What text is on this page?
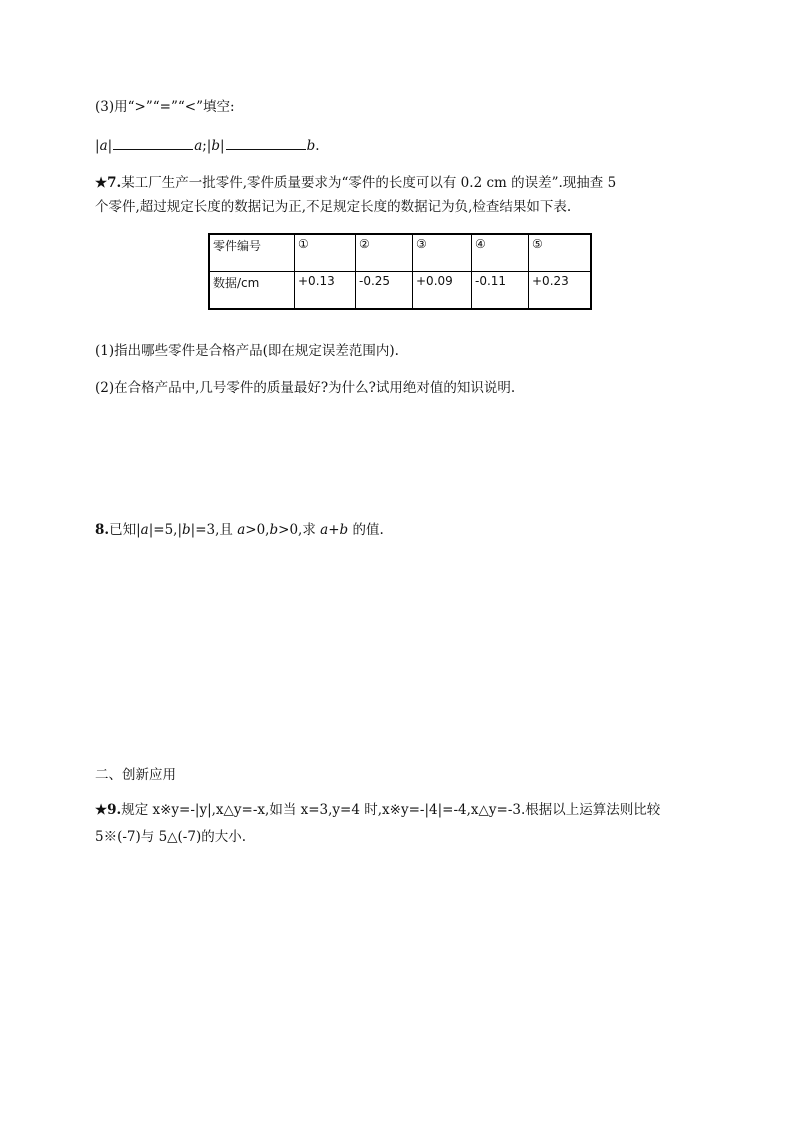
(3)用“>”“=”“<”填空:
|a|	a;|b|	b.
★7.某工厂生产一批零件,零件质量要求为“零件的长度可以有 0.2 cm 的误差”.现抽查 5
个零件,超过规定长度的数据记为正,不足规定长度的数据记为负,检查结果如下表.
零件编号	①	②	③	④	⑤
数据/cm	+0.13	-0.25	+0.09	-0.11	+0.23
(1)指出哪些零件是合格产品(即在规定误差范围内).
(2)在合格产品中,几号零件的质量最好?为什么?试用绝对值的知识说明.
8.已知|a|=5,|b|=3,且 a>0,b>0,求 a+b 的值.
二、创新应用
★9.规定 x※y=-|y|,x△y=-x,如当 x=3,y=4 时,x※y=-|4|=-4,x△y=-3.根据以上运算法则比较
5※(-7)与 5△(-7)的大小.
